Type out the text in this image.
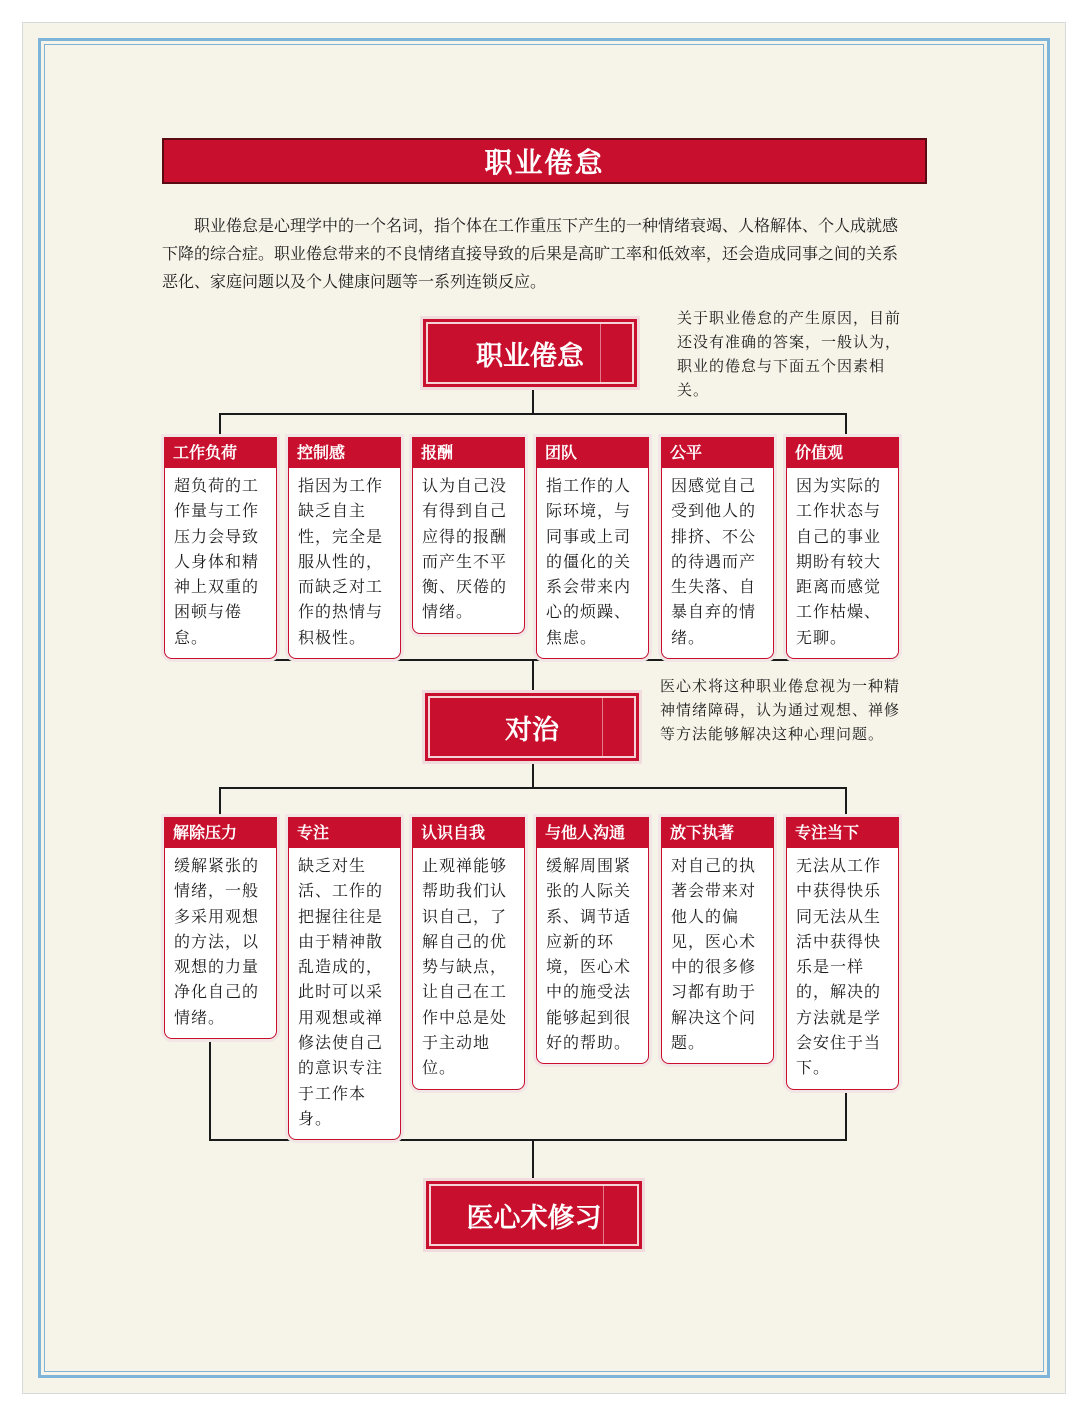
职业倦怠

职业倦怠是心理学中的一个名词，指个体在工作重压下产生的一种情绪衰竭、人格解体、个人成就感下降的综合症。职业倦怠带来的不良情绪直接导致的后果是高旷工率和低效率，还会造成同事之间的关系恶化、家庭问题以及个人健康问题等一系列连锁反应。

职业倦怠

关于职业倦怠的产生原因，目前还没有准确的答案，一般认为，职业的倦怠与下面五个因素相关。

工作负荷
超负荷的工作量与工作压力会导致人身体和精神上双重的困顿与倦怠。
控制感
指因为工作缺乏自主性，完全是服从性的，而缺乏对工作的热情与积极性。
报酬
认为自己没有得到自己应得的报酬而产生不平衡、厌倦的情绪。
团队
指工作的人际环境，与同事或上司的僵化的关系会带来内心的烦躁、焦虑。
公平
因感觉自己受到他人的排挤、不公的待遇而产生失落、自暴自弃的情绪。
价值观
因为实际的工作状态与自己的事业期盼有较大距离而感觉工作枯燥、无聊。
对治

医心术将这种职业倦怠视为一种精神情绪障碍，认为通过观想、禅修等方法能够解决这种心理问题。

解除压力
缓解紧张的情绪，一般多采用观想的方法，以观想的力量净化自己的情绪。
专注
缺乏对生活、工作的把握往往是由于精神散乱造成的，此时可以采用观想或禅修法使自己的意识专注于工作本身。
认识自我
止观禅能够帮助我们认识自己，了解自己的优势与缺点，让自己在工作中总是处于主动地位。
与他人沟通
缓解周围紧张的人际关系、调节适应新的环境，医心术中的施受法能够起到很好的帮助。
放下执著
对自己的执著会带来对他人的偏见，医心术中的很多修习都有助于解决这个问题。
专注当下
无法从工作中获得快乐同无法从生活中获得快乐是一样的，解决的方法就是学会安住于当下。
医心术修习
